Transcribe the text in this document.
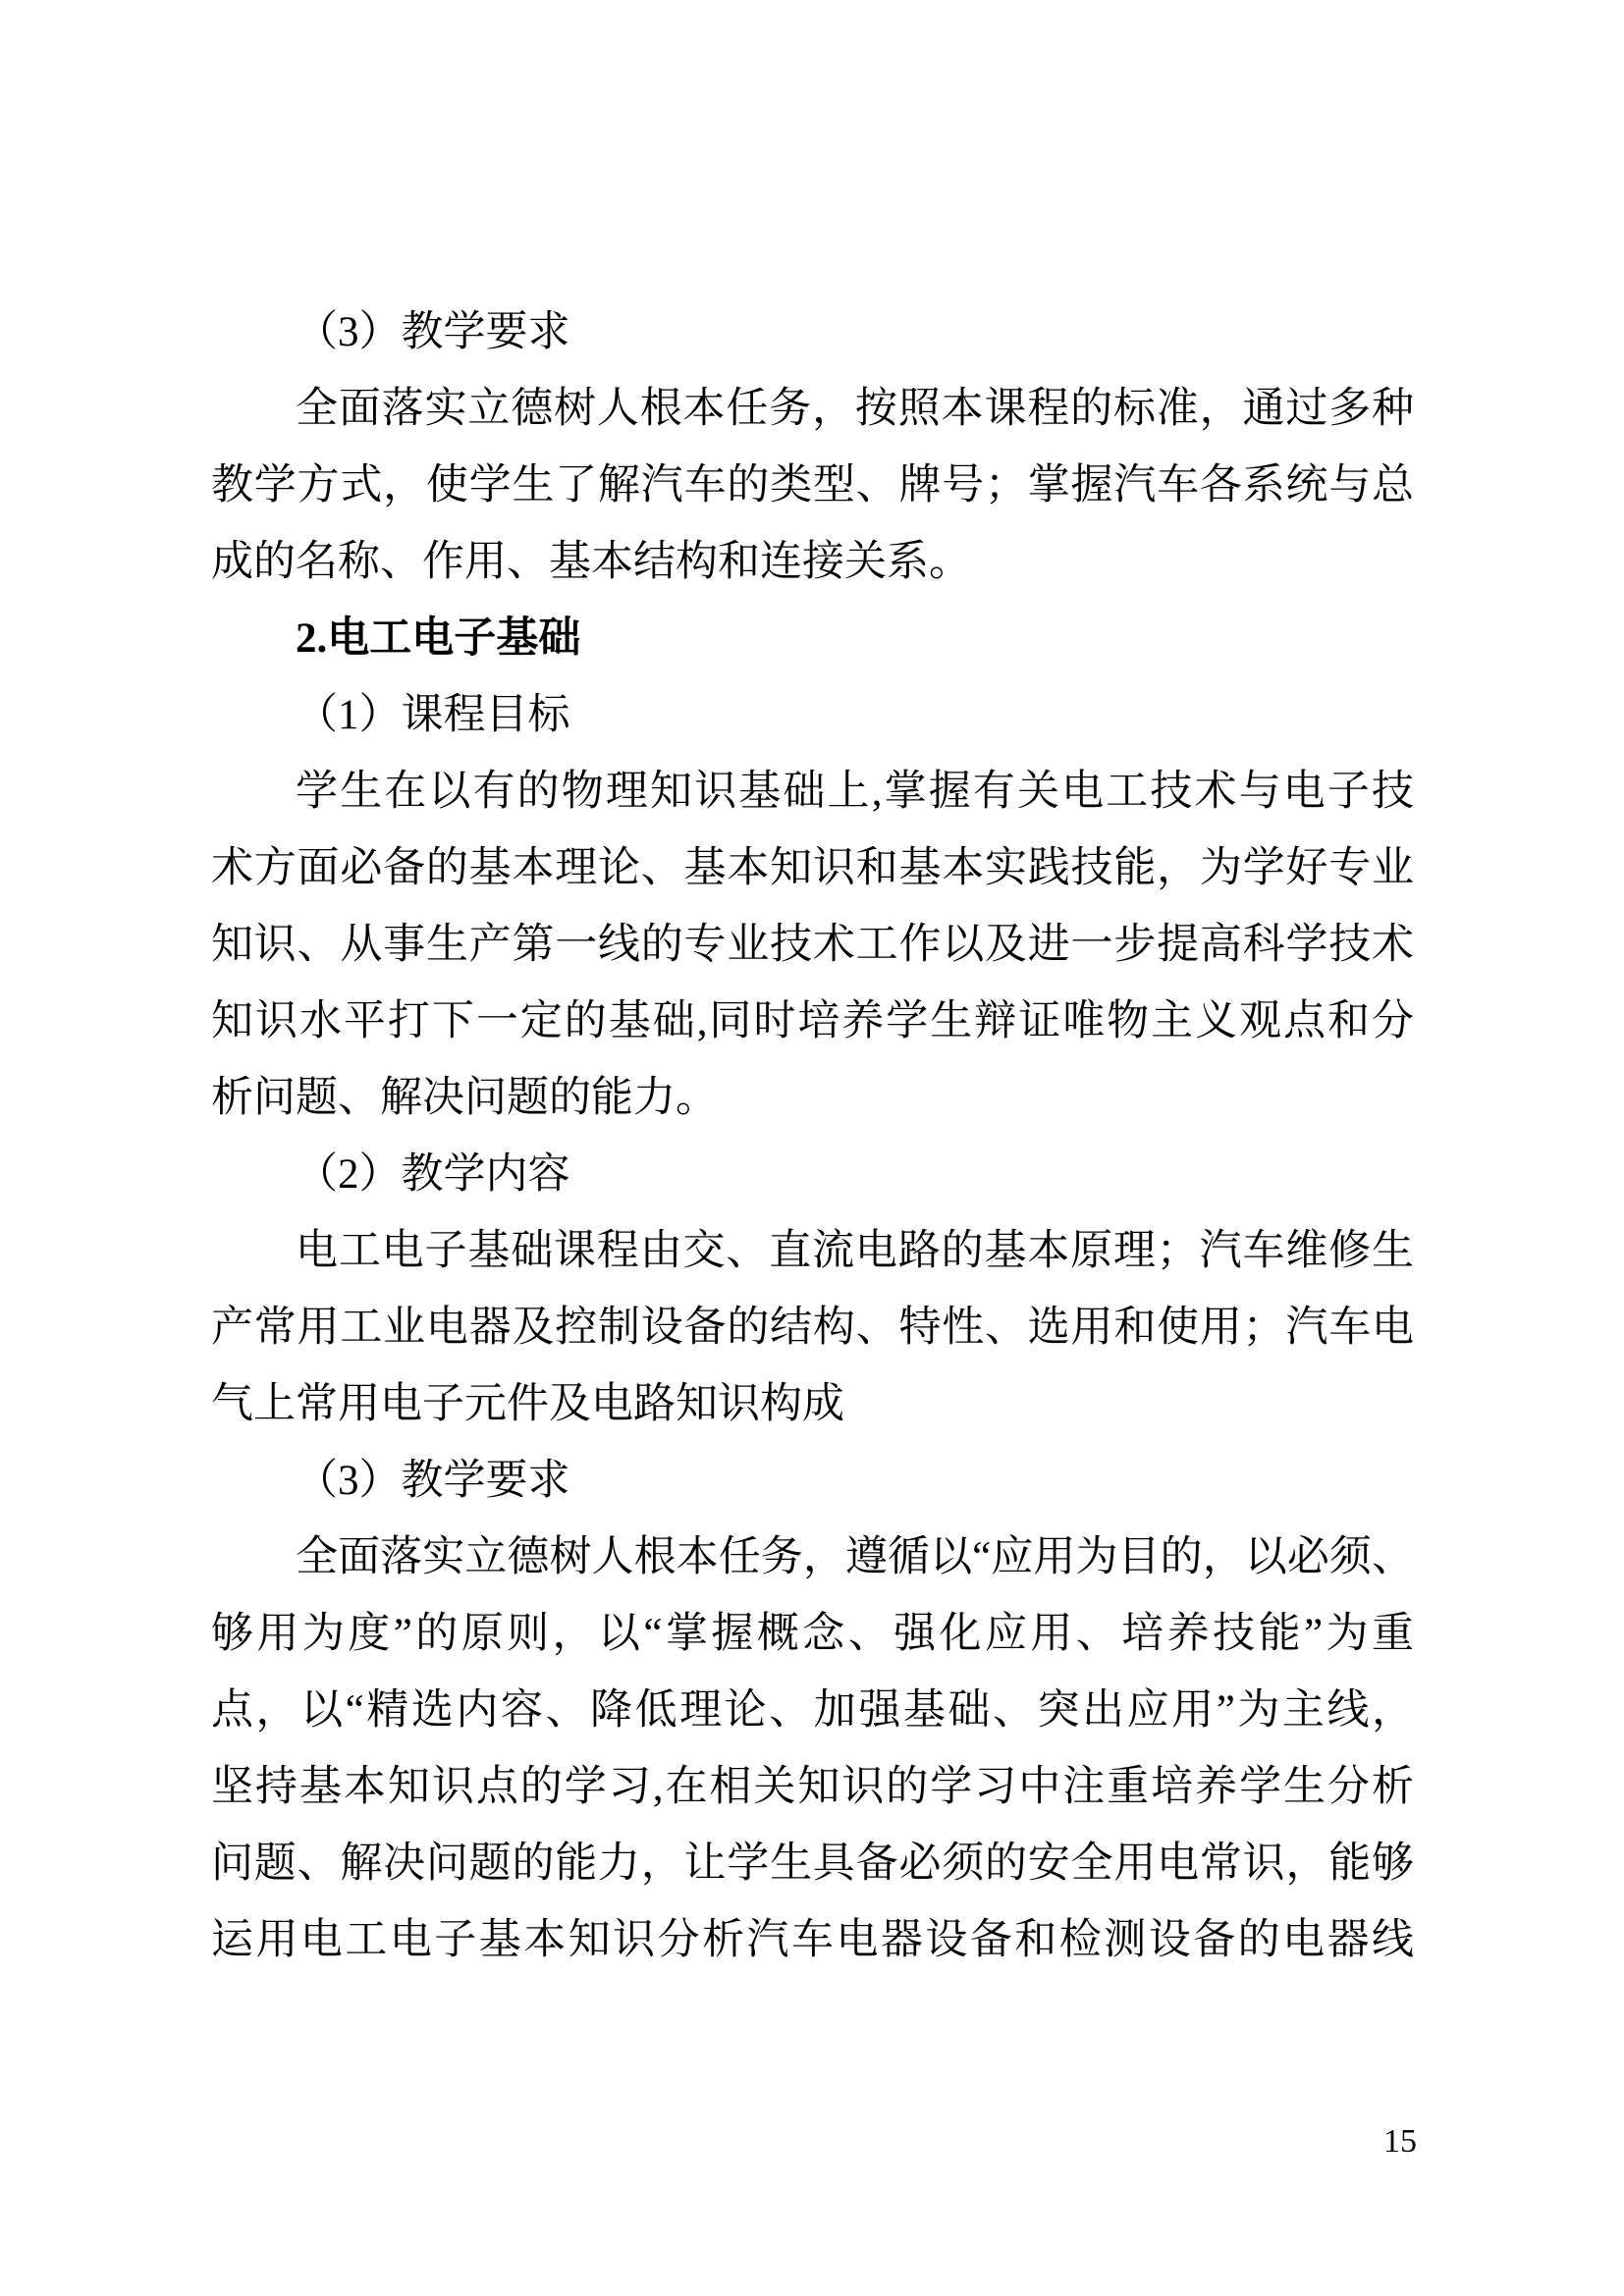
（3）教学要求

全面落实立德树人根本任务，按照本课程的标准，通过多种

教学方式，使学生了解汽车的类型、牌号；掌握汽车各系统与总

成的名称、作用、基本结构和连接关系。

2.电工电子基础

（1）课程目标

学生在以有的物理知识基础上,掌握有关电工技术与电子技

术方面必备的基本理论、基本知识和基本实践技能，为学好专业

知识、从事生产第一线的专业技术工作以及进一步提高科学技术

知识水平打下一定的基础,同时培养学生辩证唯物主义观点和分

析问题、解决问题的能力。

（2）教学内容

电工电子基础课程由交、直流电路的基本原理；汽车维修生

产常用工业电器及控制设备的结构、特性、选用和使用；汽车电

气上常用电子元件及电路知识构成

（3）教学要求

全面落实立德树人根本任务，遵循以“应用为目的，以必须、

够用为度”的原则，以“掌握概念、强化应用、培养技能”为重

点，以“精选内容、降低理论、加强基础、突出应用”为主线，

坚持基本知识点的学习,在相关知识的学习中注重培养学生分析

问题、解决问题的能力，让学生具备必须的安全用电常识，能够

运用电工电子基本知识分析汽车电器设备和检测设备的电器线

15
